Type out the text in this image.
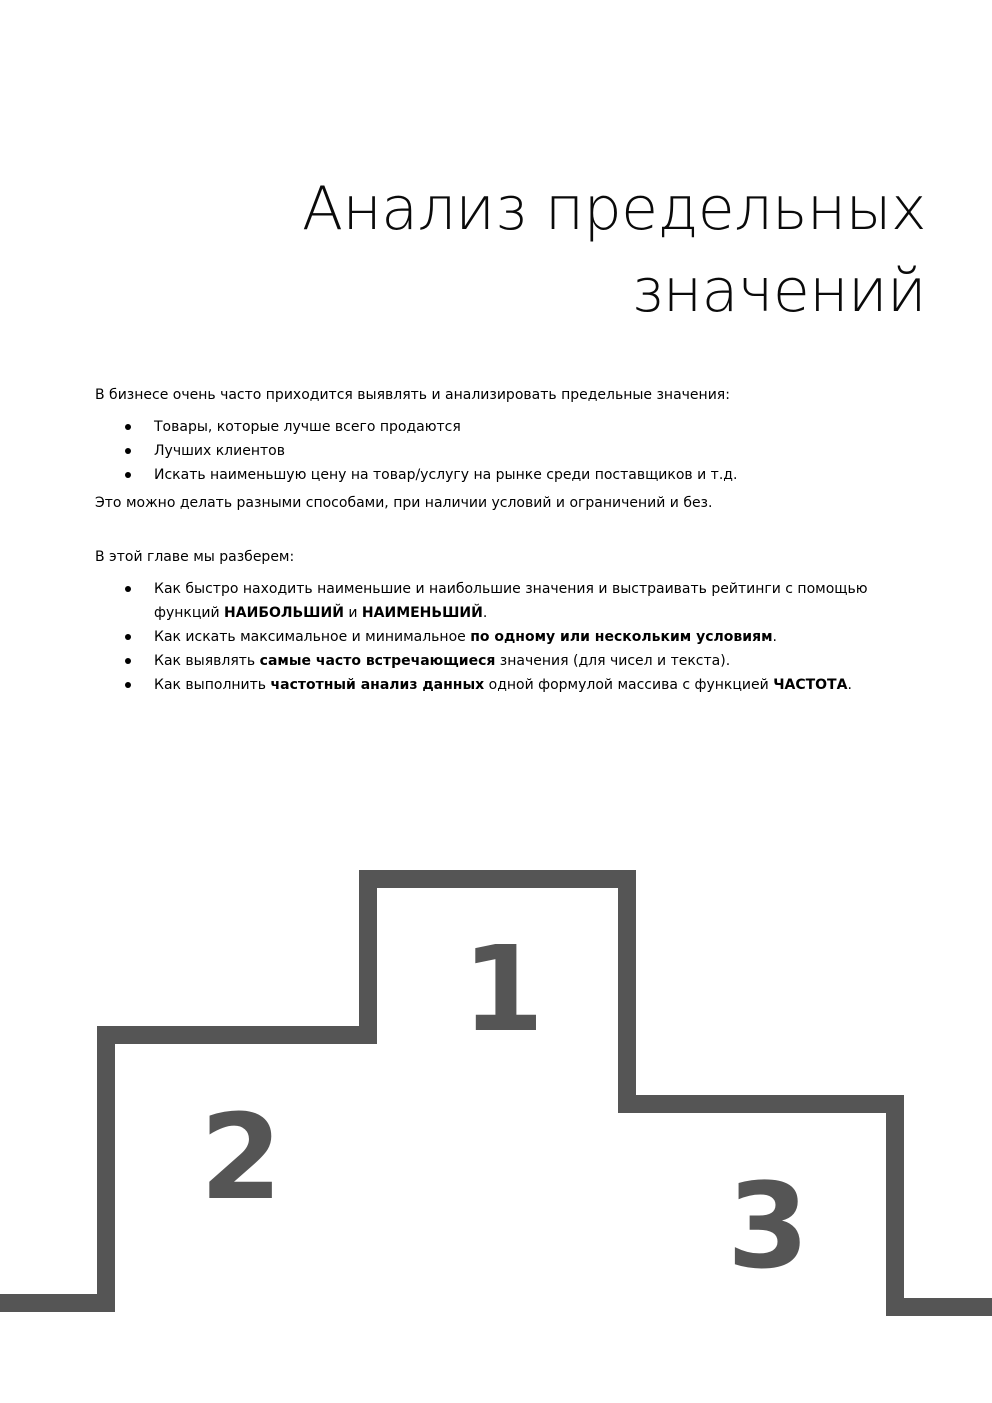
Анализ предельных
значений

В бизнесе очень часто приходится выявлять и анализировать предельные значения:

Товары, которые лучше всего продаются
Лучших клиентов
Искать наименьшую цену на товар/услугу на рынке среди поставщиков и т.д.

Это можно делать разными способами, при наличии условий и ограничений и без.

В этой главе мы разберем:

Как быстро находить наименьшие и наибольшие значения и выстраивать рейтинги с помощью функций НАИБОЛЬШИЙ и НАИМЕНЬШИЙ.
Как искать максимальное и минимальное по одному или нескольким условиям.
Как выявлять самые часто встречающиеся значения (для чисел и текста).
Как выполнить частотный анализ данных одной формулой массива с функцией ЧАСТОТА.
1
2	3
